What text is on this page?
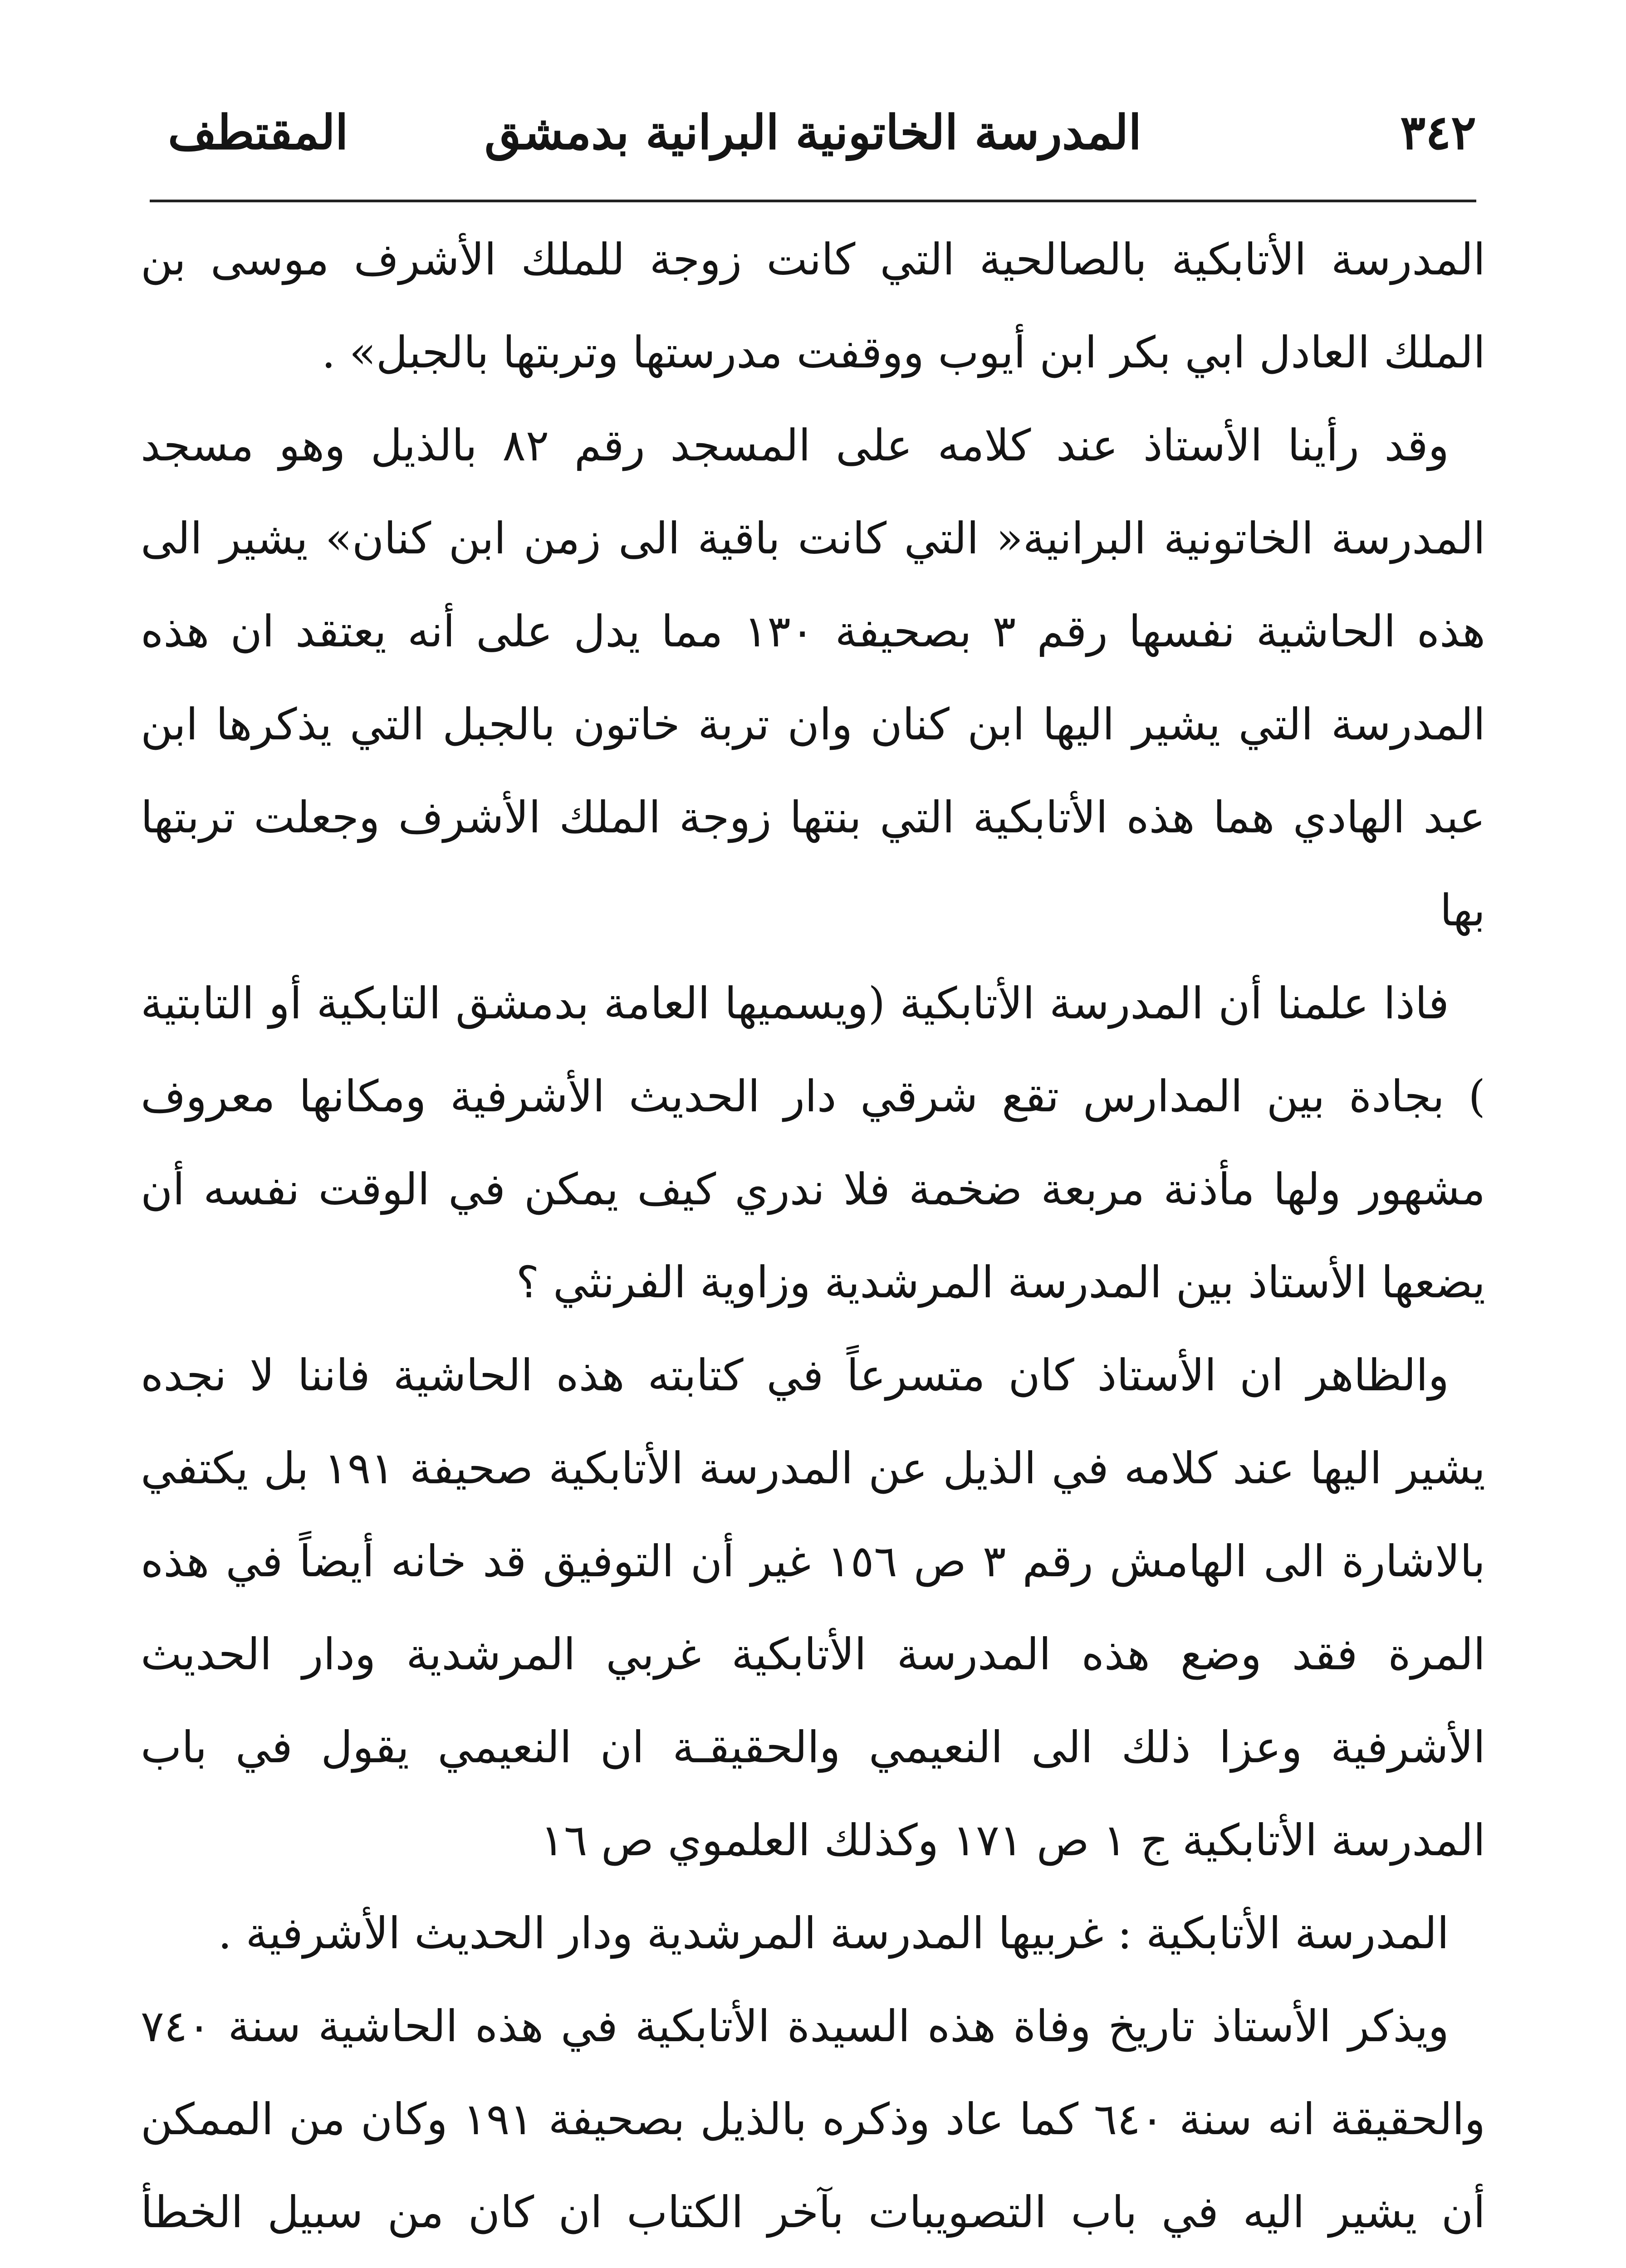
٣٤٢
المدرسة الخاتونية البرانية بدمشق
المقتطف

المدرسة الأتابكية بالصالحية التي كانت زوجة للملك الأشرف موسى بن الملك العادل ابي بكر ابن أيوب ووقفت مدرستها وتربتها بالجبل» .

وقد رأينا الأستاذ عند كلامه على المسجد رقم ٨٢ بالذيل وهو مسجد المدرسة الخاتونية البرانية« التي كانت باقية الى زمن ابن كنان» يشير الى هذه الحاشية نفسها رقم ٣ بصحيفة ١٣٠ مما يدل على أنه يعتقد ان هذه المدرسة التي يشير اليها ابن كنان وان تربة خاتون بالجبل التي يذكرها ابن عبد الهادي هما هذه الأتابكية التي بنتها زوجة الملك الأشرف وجعلت تربتها بها

فاذا علمنا أن المدرسة الأتابكية (ويسميها العامة بدمشق التابكية أو التابتية ) بجادة بين المدارس تقع شرقي دار الحديث الأشرفية ومكانها معروف مشهور ولها مأذنة مربعة ضخمة فلا ندري كيف يمكن في الوقت نفسه أن يضعها الأستاذ بين المدرسة المرشدية وزاوية الفرنثي ؟

والظاهر ان الأستاذ كان متسرعاً في كتابته هذه الحاشية فاننا لا نجده يشير اليها عند كلامه في الذيل عن المدرسة الأتابكية صحيفة ١٩١ بل يكتفي بالاشارة الى الهامش رقم ٣ ص ١٥٦ غير أن التوفيق قد خانه أيضاً في هذه المرة فقد وضع هذه المدرسة الأتابكية غربي المرشدية ودار الحديث الأشرفية وعزا ذلك الى النعيمي والحقيقـة ان النعيمي يقول في باب المدرسة الأتابكية ج ١ ص ١٧١ وكذلك العلموي ص ١٦

المدرسة الأتابكية : غربيها المدرسة المرشدية ودار الحديث الأشرفية .

ويذكر الأستاذ تاريخ وفاة هذه السيدة الأتابكية في هذه الحاشية سنة ٧٤٠ والحقيقة انه سنة ٦٤٠ كما عاد وذكره بالذيل بصحيفة ١٩١ وكان من الممكن أن يشير اليه في باب التصويبات بآخر الكتاب ان كان من سبيل الخطأ
